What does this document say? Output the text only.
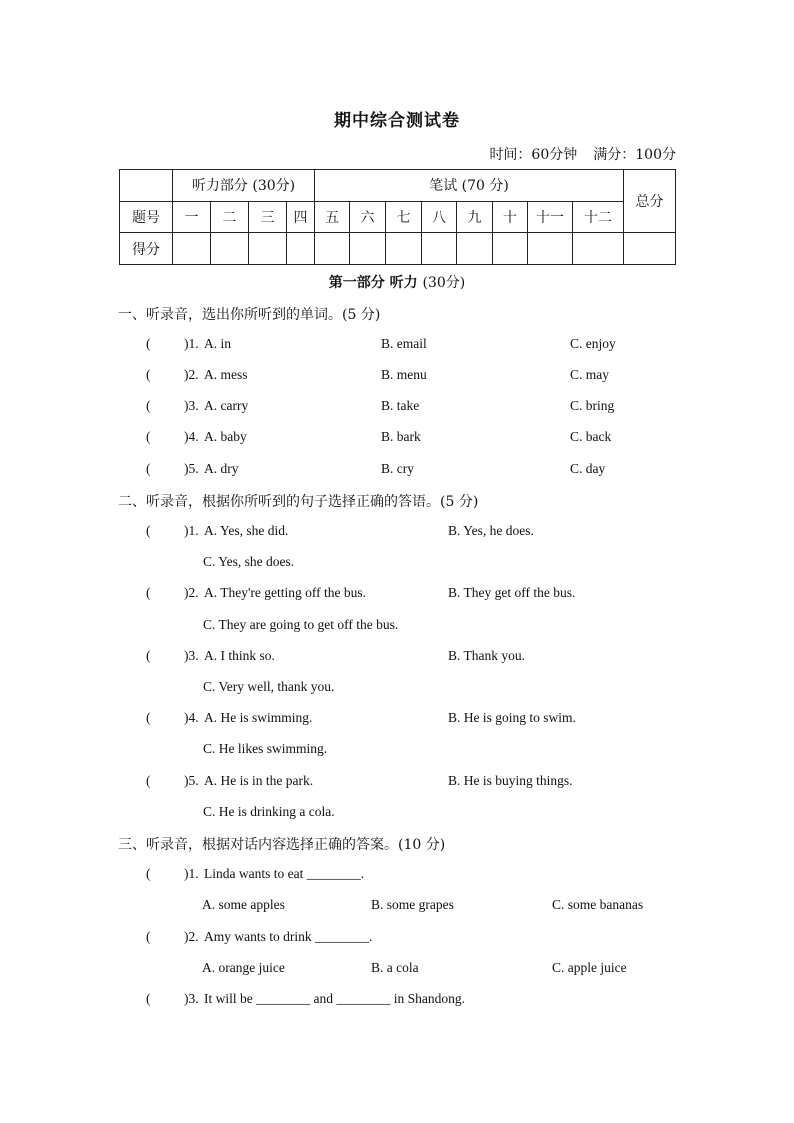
期中综合测试卷
时间：60分钟 满分：100分
	听力部分 (30分)				笔试 (70 分)								总分
题号	一	二	三	四	五	六	七	八	九	十	十一	十二	
得分													
第一部分 听力 (30分)
一、听录音，选出你所听到的单词。(5 分)
( )1. A. in	B. email	C. enjoy
( )2. A. mess	B. menu	C. may
( )3. A. carry	B. take	C. bring
( )4. A. baby	B. bark	C. back
( )5. A. dry	B. cry	C. day
二、听录音，根据你所听到的句子选择正确的答语。(5 分)
( )1. A. Yes, she did.	B. Yes, he does.
C. Yes, she does.
( )2. A. They're getting off the bus.	B. They get off the bus.
C. They are going to get off the bus.
( )3. A. I think so.	B. Thank you.
C. Very well, thank you.
( )4. A. He is swimming.	B. He is going to swim.
C. He likes swimming.
( )5. A. He is in the park.	B. He is buying things.
C. He is drinking a cola.
三、听录音，根据对话内容选择正确的答案。(10 分)
( )1. Linda wants to eat ________.
A. some apples	B. some grapes	C. some bananas
( )2. Amy wants to drink ________.
A. orange juice	B. a cola	C. apple juice
( )3. It will be ________ and ________ in Shandong.
